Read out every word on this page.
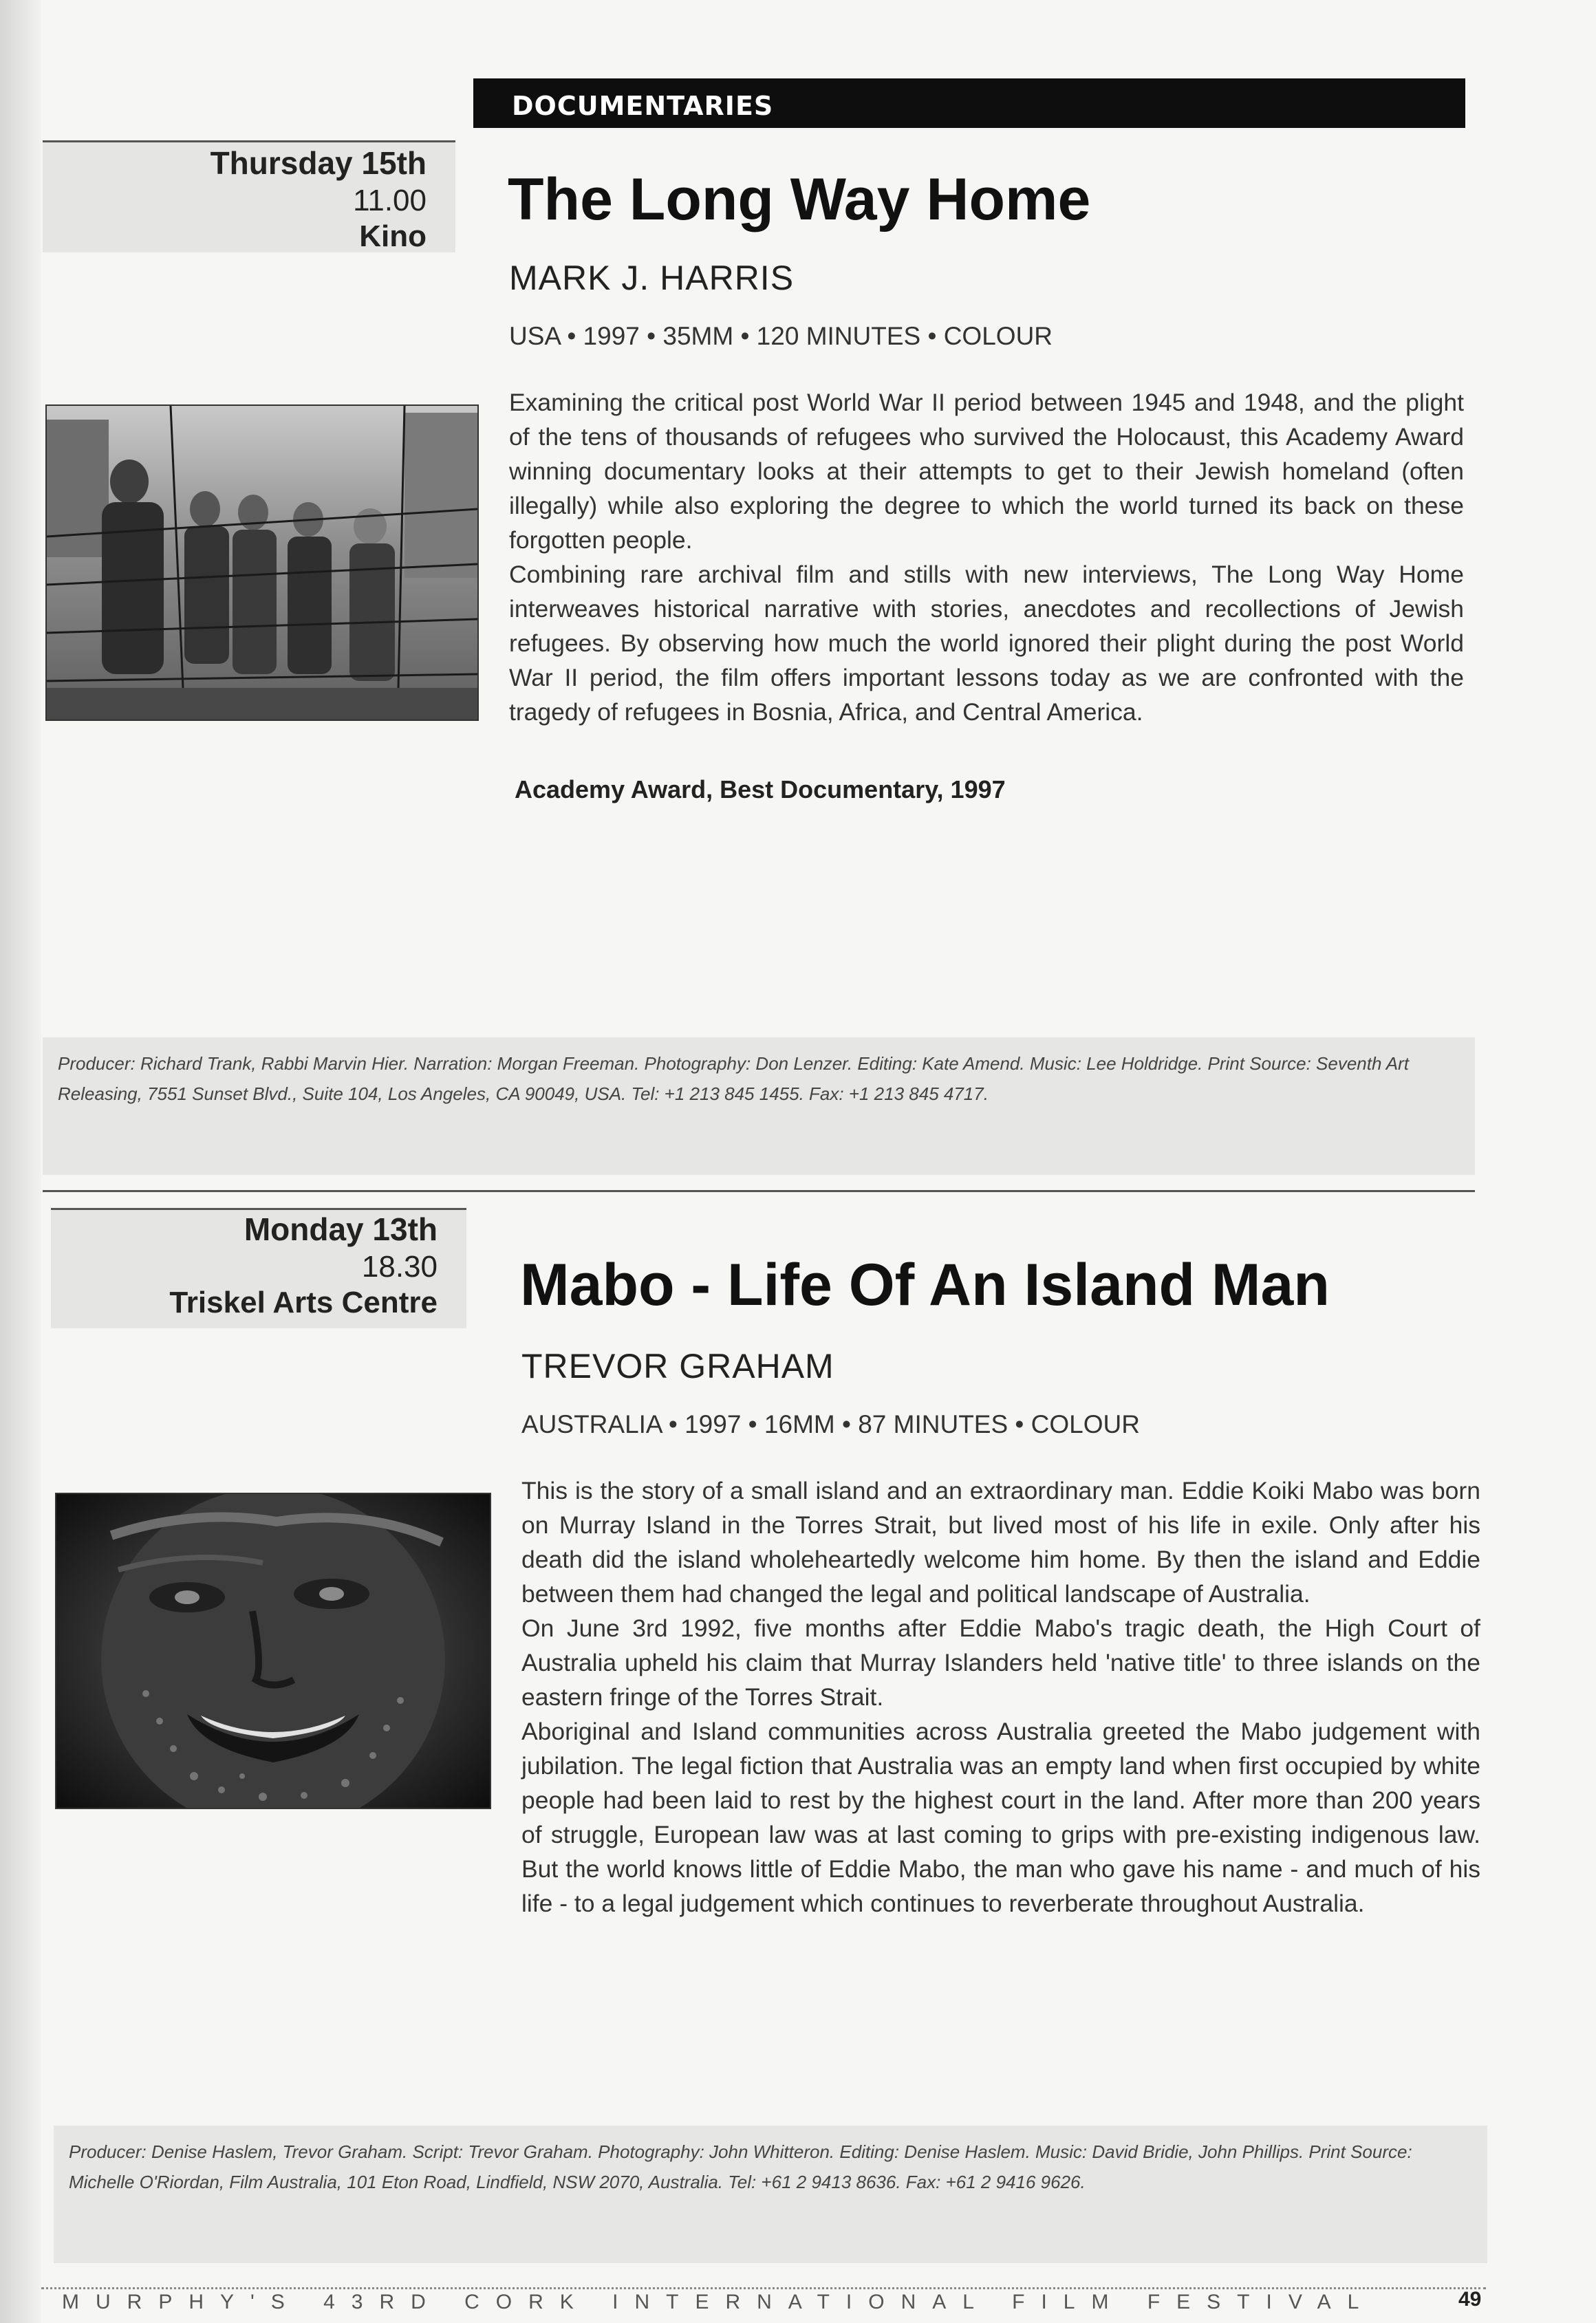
DOCUMENTARIES
Thursday 15th
11.00
Kino
The Long Way Home
MARK J. HARRIS
USA • 1997 • 35MM • 120 MINUTES • COLOUR

Examining the critical post World War II period between 1945 and 1948, and the plight of the tens of thousands of refugees who survived the Holocaust, this Academy Award winning documentary looks at their attempts to get to their Jewish homeland (often illegally) while also exploring the degree to which the world turned its back on these forgotten people.

Combining rare archival film and stills with new interviews, The Long Way Home interweaves historical narrative with stories, anecdotes and recollections of Jewish refugees. By observing how much the world ignored their plight during the post World War II period, the film offers important lessons today as we are confronted with the tragedy of refugees in Bosnia, Africa, and Central America.

Academy Award, Best Documentary, 1997
Producer: Richard Trank, Rabbi Marvin Hier. Narration: Morgan Freeman. Photography: Don Lenzer. Editing: Kate Amend. Music: Lee Holdridge. Print Source: Seventh Art Releasing, 7551 Sunset Blvd., Suite 104, Los Angeles, CA 90049, USA. Tel: +1 213 845 1455. Fax: +1 213 845 4717.
Monday 13th
18.30
Triskel Arts Centre Mabo - Life Of An Island Man
TREVOR GRAHAM
AUSTRALIA • 1997 • 16MM • 87 MINUTES • COLOUR

This is the story of a small island and an extraordinary man. Eddie Koiki Mabo was born on Murray Island in the Torres Strait, but lived most of his life in exile. Only after his death did the island wholeheartedly welcome him home. By then the island and Eddie between them had changed the legal and political landscape of Australia.

On June 3rd 1992, five months after Eddie Mabo's tragic death, the High Court of Australia upheld his claim that Murray Islanders held 'native title' to three islands on the eastern fringe of the Torres Strait.

Aboriginal and Island communities across Australia greeted the Mabo judgement with jubilation. The legal fiction that Australia was an empty land when first occupied by white people had been laid to rest by the highest court in the land. After more than 200 years of struggle, European law was at last coming to grips with pre-existing indigenous law. But the world knows little of Eddie Mabo, the man who gave his name - and much of his life - to a legal judgement which continues to reverberate throughout Australia.

Producer: Denise Haslem, Trevor Graham. Script: Trevor Graham. Photography: John Whitteron. Editing: Denise Haslem. Music: David Bridie, John Phillips. Print Source: Michelle O'Riordan, Film Australia, 101 Eton Road, Lindfield, NSW 2070, Australia. Tel: +61 2 9413 8636. Fax: +61 2 9416 9626.
MURPHY'S 43RD CORK INTERNATIONAL FILM FESTIVAL	49
